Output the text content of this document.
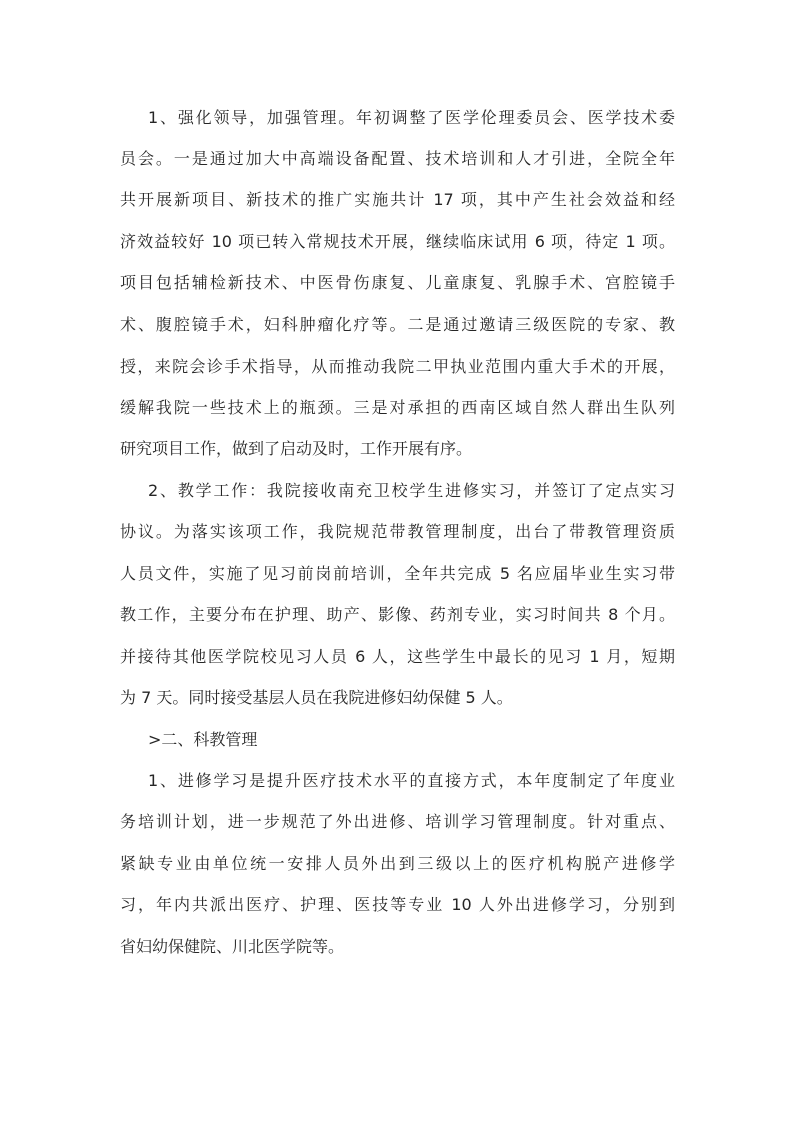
1、强化领导，加强管理。年初调整了医学伦理委员会、医学技术委
员会。一是通过加大中高端设备配置、技术培训和人才引进，全院全年
共开展新项目、新技术的推广实施共计 17 项，其中产生社会效益和经
济效益较好 10 项已转入常规技术开展，继续临床试用 6 项，待定 1 项。
项目包括辅检新技术、中医骨伤康复、儿童康复、乳腺手术、宫腔镜手
术、腹腔镜手术，妇科肿瘤化疗等。二是通过邀请三级医院的专家、教
授，来院会诊手术指导，从而推动我院二甲执业范围内重大手术的开展，
缓解我院一些技术上的瓶颈。三是对承担的西南区域自然人群出生队列
研究项目工作，做到了启动及时，工作开展有序。
2、教学工作：我院接收南充卫校学生进修实习，并签订了定点实习
协议。为落实该项工作，我院规范带教管理制度，出台了带教管理资质
人员文件，实施了见习前岗前培训，全年共完成 5 名应届毕业生实习带
教工作，主要分布在护理、助产、影像、药剂专业，实习时间共 8 个月。
并接待其他医学院校见习人员 6 人，这些学生中最长的见习 1 月，短期
为 7 天。同时接受基层人员在我院进修妇幼保健 5 人。
>二、科教管理
1、进修学习是提升医疗技术水平的直接方式，本年度制定了年度业
务培训计划，进一步规范了外出进修、培训学习管理制度。针对重点、
紧缺专业由单位统一安排人员外出到三级以上的医疗机构脱产进修学
习，年内共派出医疗、护理、医技等专业 10 人外出进修学习，分别到
省妇幼保健院、川北医学院等。
